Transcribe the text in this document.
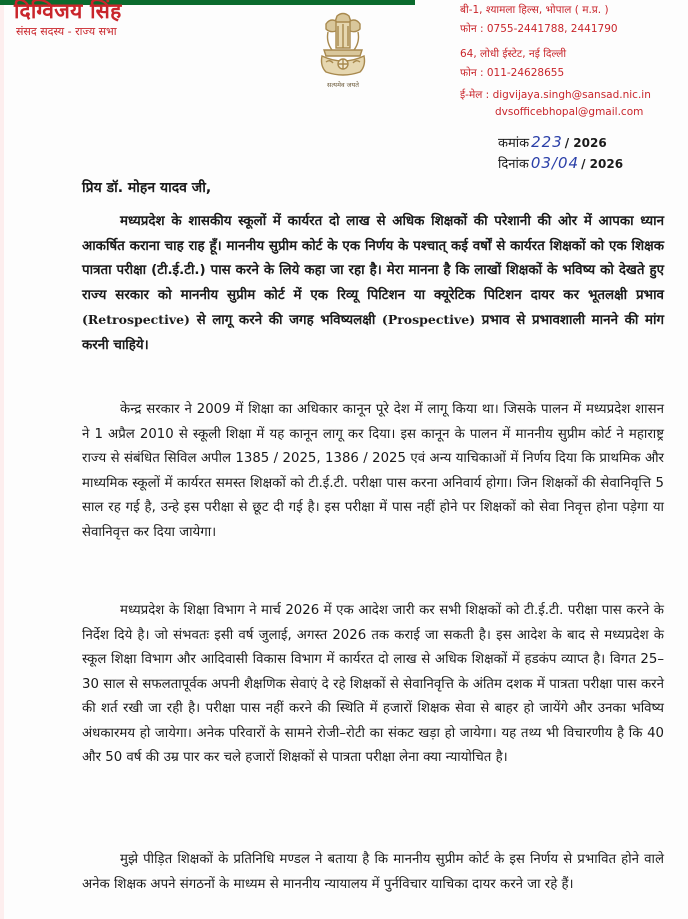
दिग्विजय सिंह
संसद सदस्य - राज्य सभा
सत्यमेव जयते
बी-1, श्यामला हिल्स, भोपाल ( म.प्र. )
फोन : 0755-2441788, 2441790
64, लोधी ईस्टेट, नई दिल्ली
फोन : 011-24628655
ई-मेल : digvijaya.singh@sansad.nic.in
dvsofficebhopal@gmail.com
कमांक 223 / 2026
दिनांक 03/04 / 2026
प्रिय डॉ. मोहन यादव जी,

मध्यप्रदेश के शासकीय स्कूलों में कार्यरत दो लाख से अधिक शिक्षकों की परेशानी की ओर में आपका ध्यान आकर्षित कराना चाह राह हूँ। माननीय सुप्रीम कोर्ट के एक निर्णय के पश्चात् कई वर्षों से कार्यरत शिक्षकों को एक शिक्षक पात्रता परीक्षा (टी.ई.टी.) पास करने के लिये कहा जा रहा है। मेरा मानना है कि लाखों शिक्षकों के भविष्य को देखते हुए राज्य सरकार को माननीय सुप्रीम कोर्ट में एक रिव्यू पिटिशन या क्यूरेटिक पिटिशन दायर कर भूतलक्षी प्रभाव (Retrospective) से लागू करने की जगह भविष्यलक्षी (Prospective) प्रभाव से प्रभावशाली मानने की मांग करनी चाहिये।

केन्द्र सरकार ने 2009 में शिक्षा का अधिकार कानून पूरे देश में लागू किया था। जिसके पालन में मध्यप्रदेश शासन ने 1 अप्रैल 2010 से स्कूली शिक्षा में यह कानून लागू कर दिया। इस कानून के पालन में माननीय सुप्रीम कोर्ट ने महाराष्ट्र राज्य से संबंधित सिविल अपील 1385 / 2025, 1386 / 2025 एवं अन्य याचिकाओं में निर्णय दिया कि प्राथमिक और माध्यमिक स्कूलों में कार्यरत समस्त शिक्षकों को टी.ई.टी. परीक्षा पास करना अनिवार्य होगा। जिन शिक्षकों की सेवानिवृत्ति 5 साल रह गई है, उन्हे इस परीक्षा से छूट दी गई है। इस परीक्षा में पास नहीं होने पर शिक्षकों को सेवा निवृत्त होना पड़ेगा या सेवानिवृत्त कर दिया जायेगा।

मध्यप्रदेश के शिक्षा विभाग ने मार्च 2026 में एक आदेश जारी कर सभी शिक्षकों को टी.ई.टी. परीक्षा पास करने के निर्देश दिये है। जो संभवतः इसी वर्ष जुलाई, अगस्त 2026 तक कराई जा सकती है। इस आदेश के बाद से मध्यप्रदेश के स्कूल शिक्षा विभाग और आदिवासी विकास विभाग में कार्यरत दो लाख से अधिक शिक्षकों में हडकंप व्याप्त है। विगत 25–30 साल से सफलतापूर्वक अपनी शैक्षणिक सेवाएं दे रहे शिक्षकों से सेवानिवृत्ति के अंतिम दशक में पात्रता परीक्षा पास करने की शर्त रखी जा रही है। परीक्षा पास नहीं करने की स्थिति में हजारों शिक्षक सेवा से बाहर हो जायेंगे और उनका भविष्य अंधकारमय हो जायेगा। अनेक परिवारों के सामने रोजी–रोटी का संकट खड़ा हो जायेगा। यह तथ्य भी विचारणीय है कि 40 और 50 वर्ष की उम्र पार कर चले हजारों शिक्षकों से पात्रता परीक्षा लेना क्या न्यायोचित है।

मुझे पीड़ित शिक्षकों के प्रतिनिधि मण्डल ने बताया है कि माननीय सुप्रीम कोर्ट के इस निर्णय से प्रभावित होने वाले अनेक शिक्षक अपने संगठनों के माध्यम से माननीय न्यायालय में पुर्नविचार याचिका दायर करने जा रहे हैं।
